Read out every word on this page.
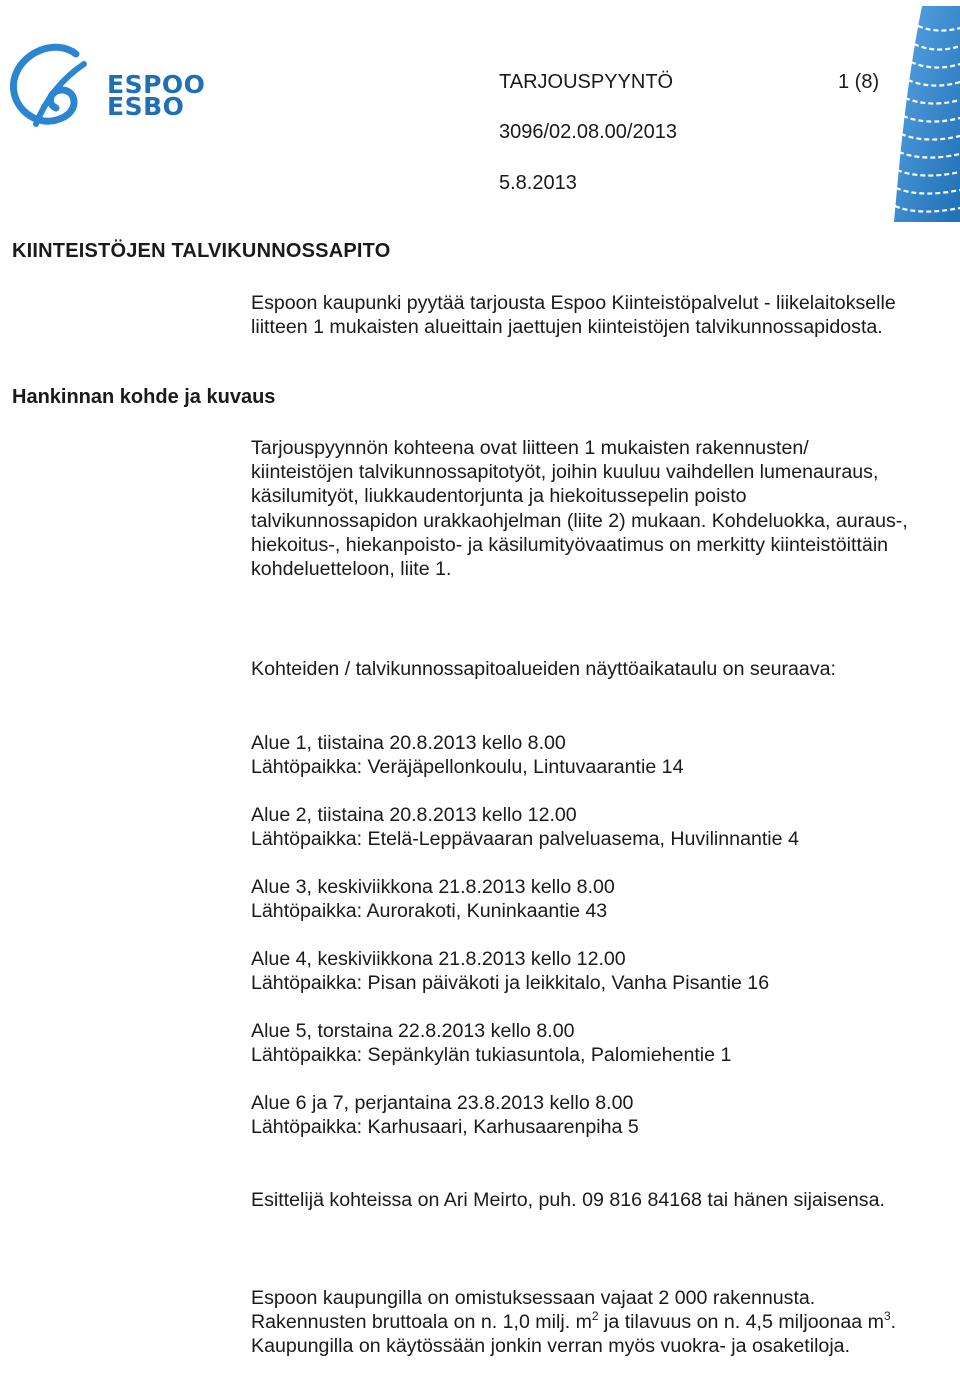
ESPOO
ESBO
TARJOUSPYYNTÖ	1 (8)
3096/02.08.00/2013
5.8.2013
KIINTEISTÖJEN TALVIKUNNOSSAPITO
Hankinnan kohde ja kuvaus
Espoon kaupunki pyytää tarjousta Espoo Kiinteistöpalvelut - liikelaitokselle liitteen 1 mukaisten alueittain jaettujen kiinteistöjen talvikunnossapidosta.
Tarjouspyynnön kohteena ovat liitteen 1 mukaisten rakennusten/ kiinteistöjen talvikunnossapitotyöt, joihin kuuluu vaihdellen lumenauraus, käsilumityöt, liukkaudentorjunta ja hiekoitussepelin poisto talvikunnossapidon urakkaohjelman (liite 2) mukaan. Kohdeluokka, auraus-, hiekoitus-, hiekanpoisto- ja käsilumityövaatimus on merkitty kiinteistöittäin kohdeluetteloon, liite 1.
Kohteiden / talvikunnossapitoalueiden näyttöaikataulu on seuraava:
Alue 1, tiistaina 20.8.2013 kello 8.00
Lähtöpaikka: Veräjäpellonkoulu, Lintuvaarantie 14
Alue 2, tiistaina 20.8.2013 kello 12.00
Lähtöpaikka: Etelä-Leppävaaran palveluasema, Huvilinnantie 4
Alue 3, keskiviikkona 21.8.2013 kello 8.00
Lähtöpaikka: Aurorakoti, Kuninkaantie 43
Alue 4, keskiviikkona 21.8.2013 kello 12.00
Lähtöpaikka: Pisan päiväkoti ja leikkitalo, Vanha Pisantie 16
Alue 5, torstaina 22.8.2013 kello 8.00
Lähtöpaikka: Sepänkylän tukiasuntola, Palomiehentie 1
Alue 6 ja 7, perjantaina 23.8.2013 kello 8.00
Lähtöpaikka: Karhusaari, Karhusaarenpiha 5
Esittelijä kohteissa on Ari Meirto, puh. 09 816 84168 tai hänen sijaisensa.
Espoon kaupungilla on omistuksessaan vajaat 2 000 rakennusta. Rakennusten bruttoala on n. 1,0 milj. $m^2$ ja tilavuus on n. 4,5 miljoonaa $m^3$. Kaupungilla on käytössään jonkin verran myös vuokra- ja osaketiloja.
